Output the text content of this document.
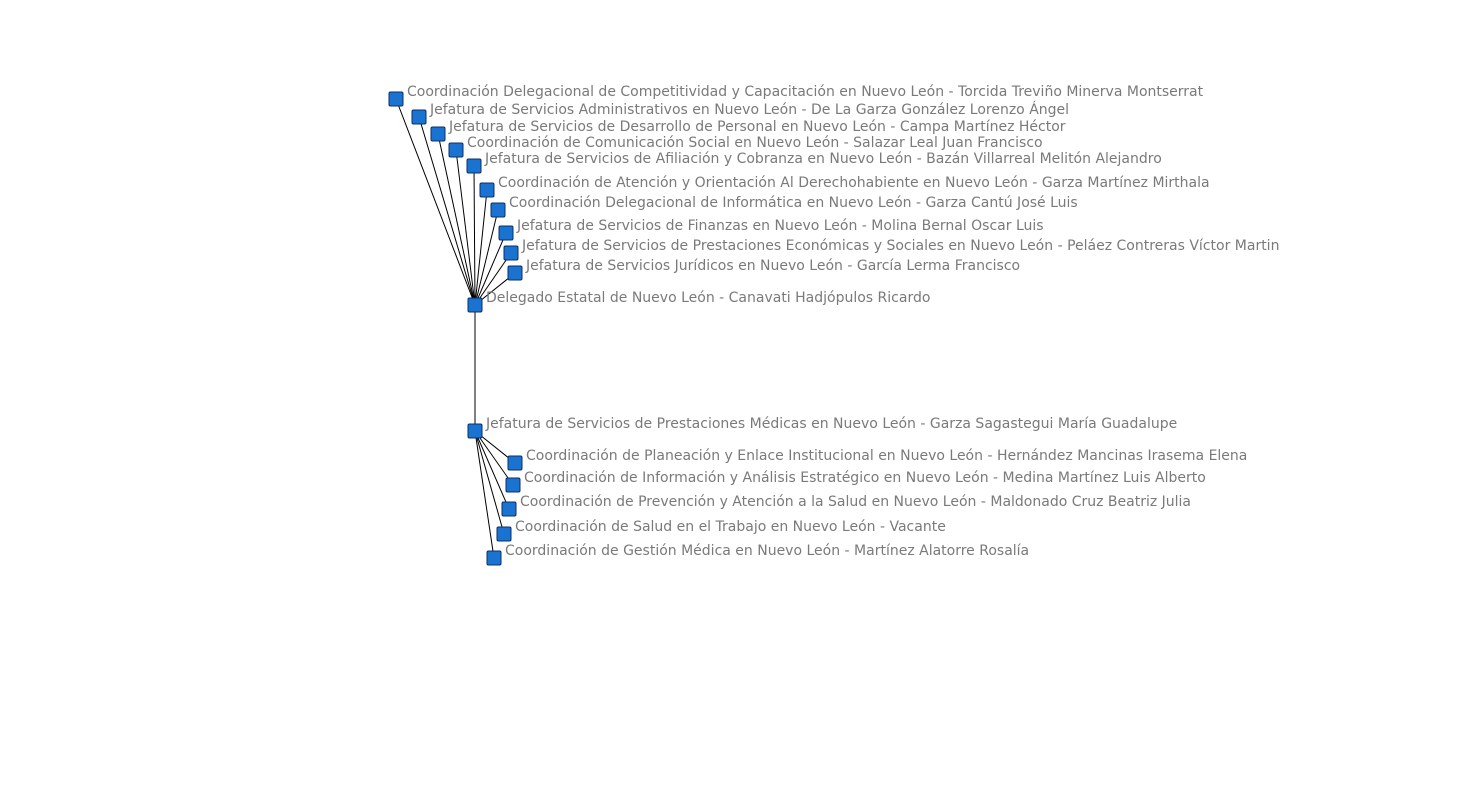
Delegado Estatal de Nuevo León - Canavati Hadjópulos Ricardo
Coordinación Delegacional de Competitividad y Capacitación en Nuevo León - Torcida Treviño Minerva Montserrat
Jefatura de Servicios Administrativos en Nuevo León - De La Garza González Lorenzo Ángel
Jefatura de Servicios de Desarrollo de Personal en Nuevo León - Campa Martínez Héctor
Coordinación de Comunicación Social en Nuevo León - Salazar Leal Juan Francisco
Jefatura de Servicios de Afiliación y Cobranza en Nuevo León - Bazán Villarreal Melitón Alejandro
Coordinación de Atención y Orientación Al Derechohabiente en Nuevo León - Garza Martínez Mirthala
Coordinación Delegacional de Informática en Nuevo León - Garza Cantú José Luis
Jefatura de Servicios de Finanzas en Nuevo León - Molina Bernal Oscar Luis
Jefatura de Servicios de Prestaciones Económicas y Sociales en Nuevo León - Peláez Contreras Víctor Martin
Jefatura de Servicios Jurídicos en Nuevo León - García Lerma Francisco
Jefatura de Servicios de Prestaciones Médicas en Nuevo León - Garza Sagastegui María Guadalupe
Coordinación de Planeación y Enlace Institucional en Nuevo León - Hernández Mancinas Irasema Elena
Coordinación de Información y Análisis Estratégico en Nuevo León - Medina Martínez Luis Alberto
Coordinación de Prevención y Atención a la Salud en Nuevo León - Maldonado Cruz Beatriz Julia
Coordinación de Salud en el Trabajo en Nuevo León - Vacante
Coordinación de Gestión Médica en Nuevo León - Martínez Alatorre Rosalía
